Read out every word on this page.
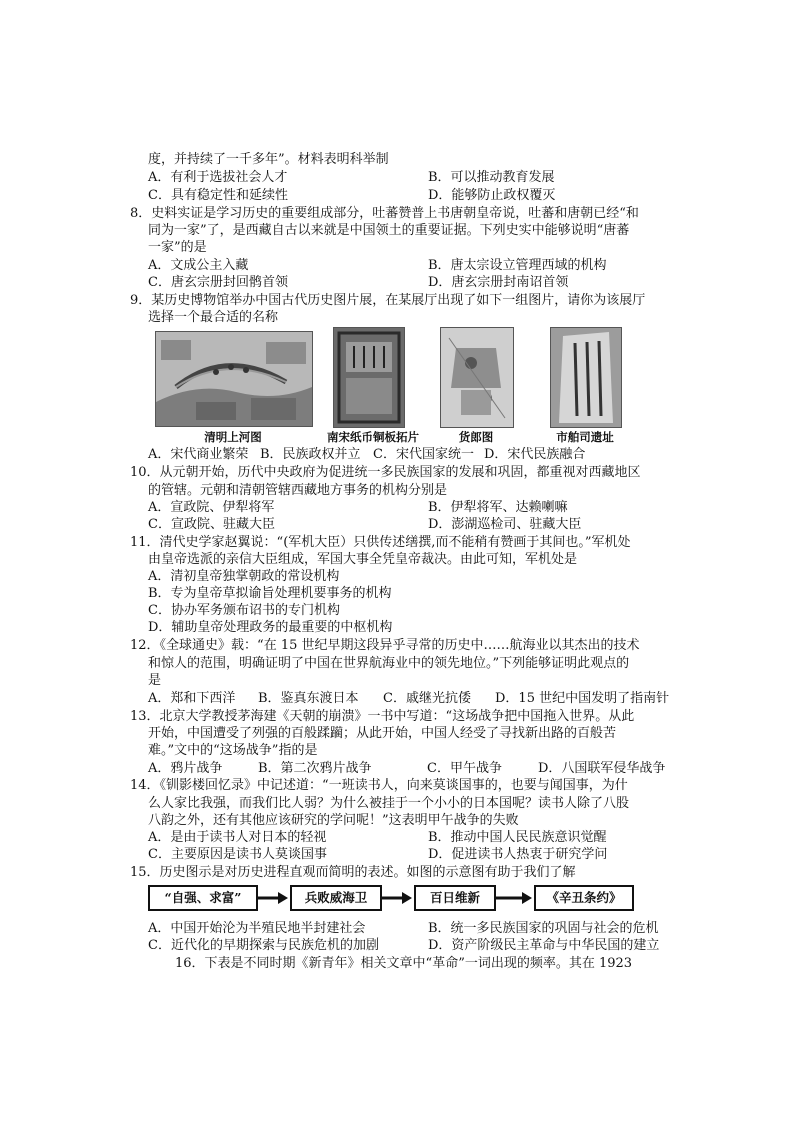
度，并持续了一千多年”。材料表明科举制
A．有利于选拔社会人才	B．可以推动教育发展
C．具有稳定性和延续性	D．能够防止政权覆灭
8．史料实证是学习历史的重要组成部分，吐蕃赞普上书唐朝皇帝说，吐蕃和唐朝已经“和
同为一家”了，是西藏自古以来就是中国领土的重要证据。下列史实中能够说明“唐蕃
一家”的是
A．文成公主入藏	B．唐太宗设立管理西域的机构
C．唐玄宗册封回鹘首领	D．唐玄宗册封南诏首领
9．某历史博物馆举办中国古代历史图片展，在某展厅出现了如下一组图片，请你为该展厅
选择一个最合适的名称
清明上河图	南宋纸币铜板拓片	货郎图	市舶司遗址
A．宋代商业繁荣 B．民族政权并立 C．宋代国家统一 D．宋代民族融合
10．从元朝开始，历代中央政府为促进统一多民族国家的发展和巩固，都重视对西藏地区
的管辖。元朝和清朝管辖西藏地方事务的机构分别是
A．宣政院、伊犁将军	B．伊犁将军、达赖喇嘛
C．宣政院、驻藏大臣	D．澎湖巡检司、驻藏大臣
11．清代史学家赵翼说：“(军机大臣）只供传述缮撰,而不能稍有赞画于其间也。”军机处
由皇帝选派的亲信大臣组成，军国大事全凭皇帝裁决。由此可知，军机处是
A．清初皇帝独掌朝政的常设机构
B．专为皇帝草拟谕旨处理机要事务的机构
C．协办军务颁布诏书的专门机构
D．辅助皇帝处理政务的最重要的中枢机构
12．《全球通史》载：“在 15 世纪早期这段异乎寻常的历史中……航海业以其杰出的技术
和惊人的范围，明确证明了中国在世界航海业中的领先地位。”下列能够证明此观点的
是
A．郑和下西洋 B．鉴真东渡日本 C．戚继光抗倭 D．15 世纪中国发明了指南针
13．北京大学教授茅海建《天朝的崩溃》一书中写道：“这场战争把中国拖入世界。从此
开始，中国遭受了列强的百般蹂躏；从此开始，中国人经受了寻找新出路的百般苦
难。”文中的“这场战争”指的是
A．鸦片战争	B．第二次鸦片战争	C．甲午战争	D．八国联军侵华战争
14．《钏影楼回忆录》中记述道：“一班读书人，向来莫谈国事的，也要与闻国事，为什
么人家比我强，而我们比人弱？为什么被挂于一个小小的日本国呢？读书人除了八股
八韵之外，还有其他应该研究的学问呢！”这表明甲午战争的失败
A．是由于读书人对日本的轻视	B．推动中国人民民族意识觉醒
C．主要原因是读书人莫谈国事	D．促进读书人热衷于研究学问
15．历史图示是对历史进程直观而简明的表述。如图的示意图有助于我们了解
“自强、求富”	兵败威海卫	百日维新	《辛丑条约》
A．中国开始沦为半殖民地半封建社会	B．统一多民族国家的巩固与社会的危机
C．近代化的早期探索与民族危机的加剧	D．资产阶级民主革命与中华民国的建立
16．下表是不同时期《新青年》相关文章中“革命”一词出现的频率。其在 1923
